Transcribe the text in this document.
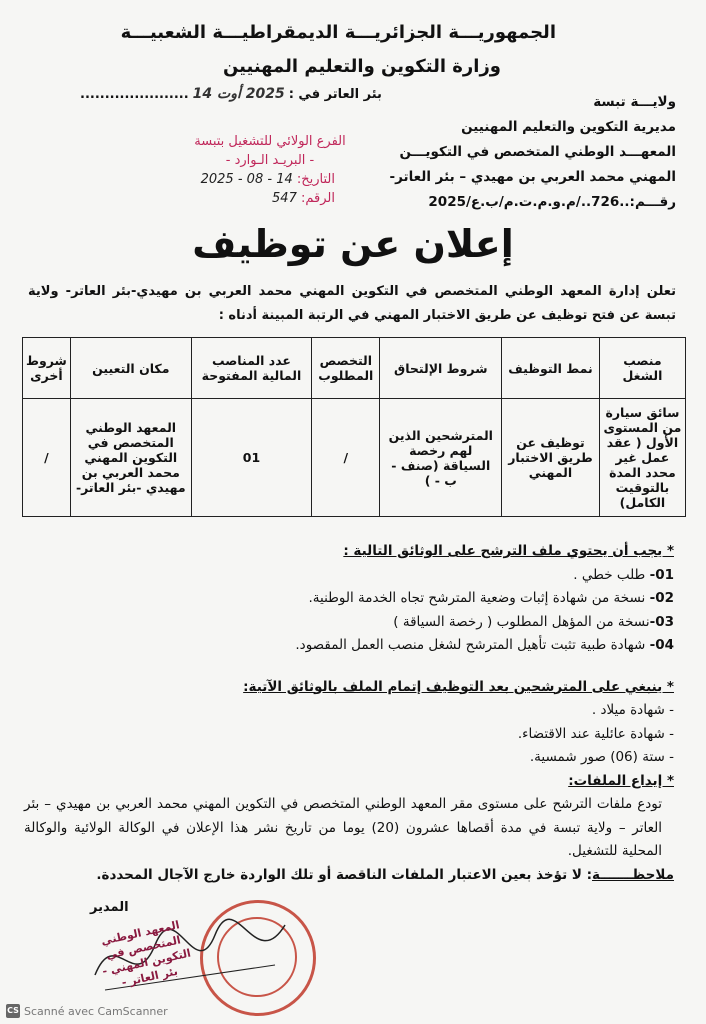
الجمهوريـــة الجزائريـــة الديمقراطيـــة الشعبيـــة
وزارة التكوين والتعليم المهنيين
بئر العاتر في :2025 أوت 14......................	ولايـــة تبسة
مديرية التكوين والتعليم المهنيين
المعهـــد الوطني المتخصص في التكويـــن
المهني محمد العربي بن مهيدي – بئر العاتر-
رقـــم:..726../م.و.م.ت.م/ب.ع/2025
الفرع الولائي للتشغيل بتبسة
- البريـد الـوارد -
التاريخ: 14 - 08 - 2025
الرقم: 547
إعلان عن توظيف
تعلن إدارة المعهد الوطني المتخصص في التكوين المهني محمد العربي بن مهيدي-بئر العاتر- ولاية تبسة عن فتح توظيف عن طريق الاختبار المهني في الرتبة المبينة أدناه :
منصب الشغل	نمط التوظيف	شروط الإلتحاق	التخصص المطلوب	عدد المناصب المالية المفتوحة	مكان التعيين	شروط أخرى
سائق سيارة من المستوى الأول ( عقد عمل غير محدد المدة بالتوقيت الكامل)	توظيف عن طريق الاختبار المهني	المترشحين الذين لهم رخصة السياقة (صنف - ب - )	/	01	المعهد الوطني المتخصص في التكوين المهني محمد العربي بن مهيدي -بئر العاتر-	/
* يجب أن يحتوي ملف الترشح على الوثائق التالية :
01- طلب خطي .
02- نسخة من شهادة إثبات وضعية المترشح تجاه الخدمة الوطنية.
03-نسخة من المؤهل المطلوب ( رخصة السياقة )
04- شهادة طبية تثبت تأهيل المترشح لشغل منصب العمل المقصود.
* ينبغي على المترشحين بعد التوظيف إتمام الملف بالوثائق الآتية:
- شهادة ميلاد .
- شهادة عائلية عند الاقتضاء.
- ستة (06) صور شمسية.
* إيداع الملفات:

تودع ملفات الترشح على مستوى مقر المعهد الوطني المتخصص في التكوين المهني محمد العربي بن مهيدي – بئر العاتر – ولاية تبسة في مدة أقصاها عشرون (20) يوما من تاريخ نشر هذا الإعلان في الوكالة الولائية والوكالة المحلية للتشغيل.

ملاحظـــــــة: لا تؤخذ بعين الاعتبار الملفات الناقصة أو تلك الواردة خارج الآجال المحددة.
المدير
المعهد الوطني المتخصص في التكوين المهني - بئر العاتر -
CS Scanné avec CamScanner
